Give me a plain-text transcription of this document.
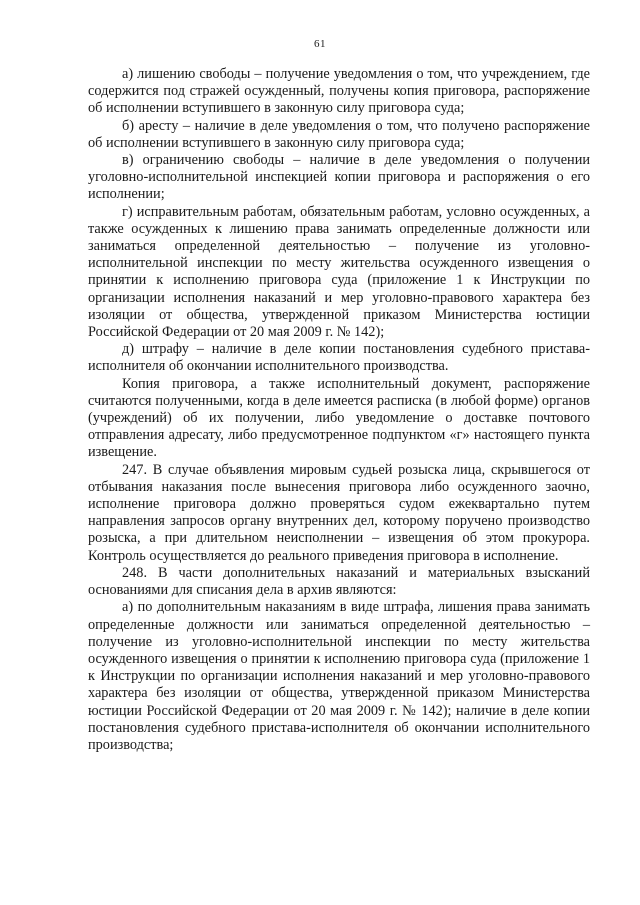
61

а) лишению свободы – получение уведомления о том, что учреждением, где содержится под стражей осужденный, получены копия приговора, распоряжение об исполнении вступившего в законную силу приговора суда;

б) аресту – наличие в деле уведомления о том, что получено распоряжение об исполнении вступившего в законную силу приговора суда;

в) ограничению свободы – наличие в деле уведомления о получении уголовно-исполнительной инспекцией копии приговора и распоряжения о его исполнении;

г) исправительным работам, обязательным работам, условно осужденных, а также осужденных к лишению права занимать определенные должности или заниматься определенной деятельностью – получение из уголовно-исполнительной инспекции по месту жительства осужденного извещения о принятии к исполнению приговора суда (приложение 1 к Инструкции по организации исполнения наказаний и мер уголовно-правового характера без изоляции от общества, утвержденной приказом Министерства юстиции Российской Федерации от 20 мая 2009 г. № 142);

д) штрафу – наличие в деле копии постановления судебного пристава-исполнителя об окончании исполнительного производства.

Копия приговора, а также исполнительный документ, распоряжение считаются полученными, когда в деле имеется расписка (в любой форме) органов (учреждений) об их получении, либо уведомление о доставке почтового отправления адресату, либо предусмотренное подпунктом «г» настоящего пункта извещение.

247. В случае объявления мировым судьей розыска лица, скрывшегося от отбывания наказания после вынесения приговора либо осужденного заочно, исполнение приговора должно проверяться судом ежеквартально путем направления запросов органу внутренних дел, которому поручено производство розыска, а при длительном неисполнении – извещения об этом прокурора. Контроль осуществляется до реального приведения приговора в исполнение.

248. В части дополнительных наказаний и материальных взысканий основаниями для списания дела в архив являются:

а) по дополнительным наказаниям в виде штрафа, лишения права занимать определенные должности или заниматься определенной деятельностью – получение из уголовно-исполнительной инспекции по месту жительства осужденного извещения о принятии к исполнению приговора суда (приложение 1 к Инструкции по организации исполнения наказаний и мер уголовно-правового характера без изоляции от общества, утвержденной приказом Министерства юстиции Российской Федерации от 20 мая 2009 г. № 142); наличие в деле копии постановления судебного пристава-исполнителя об окончании исполнительного производства;
